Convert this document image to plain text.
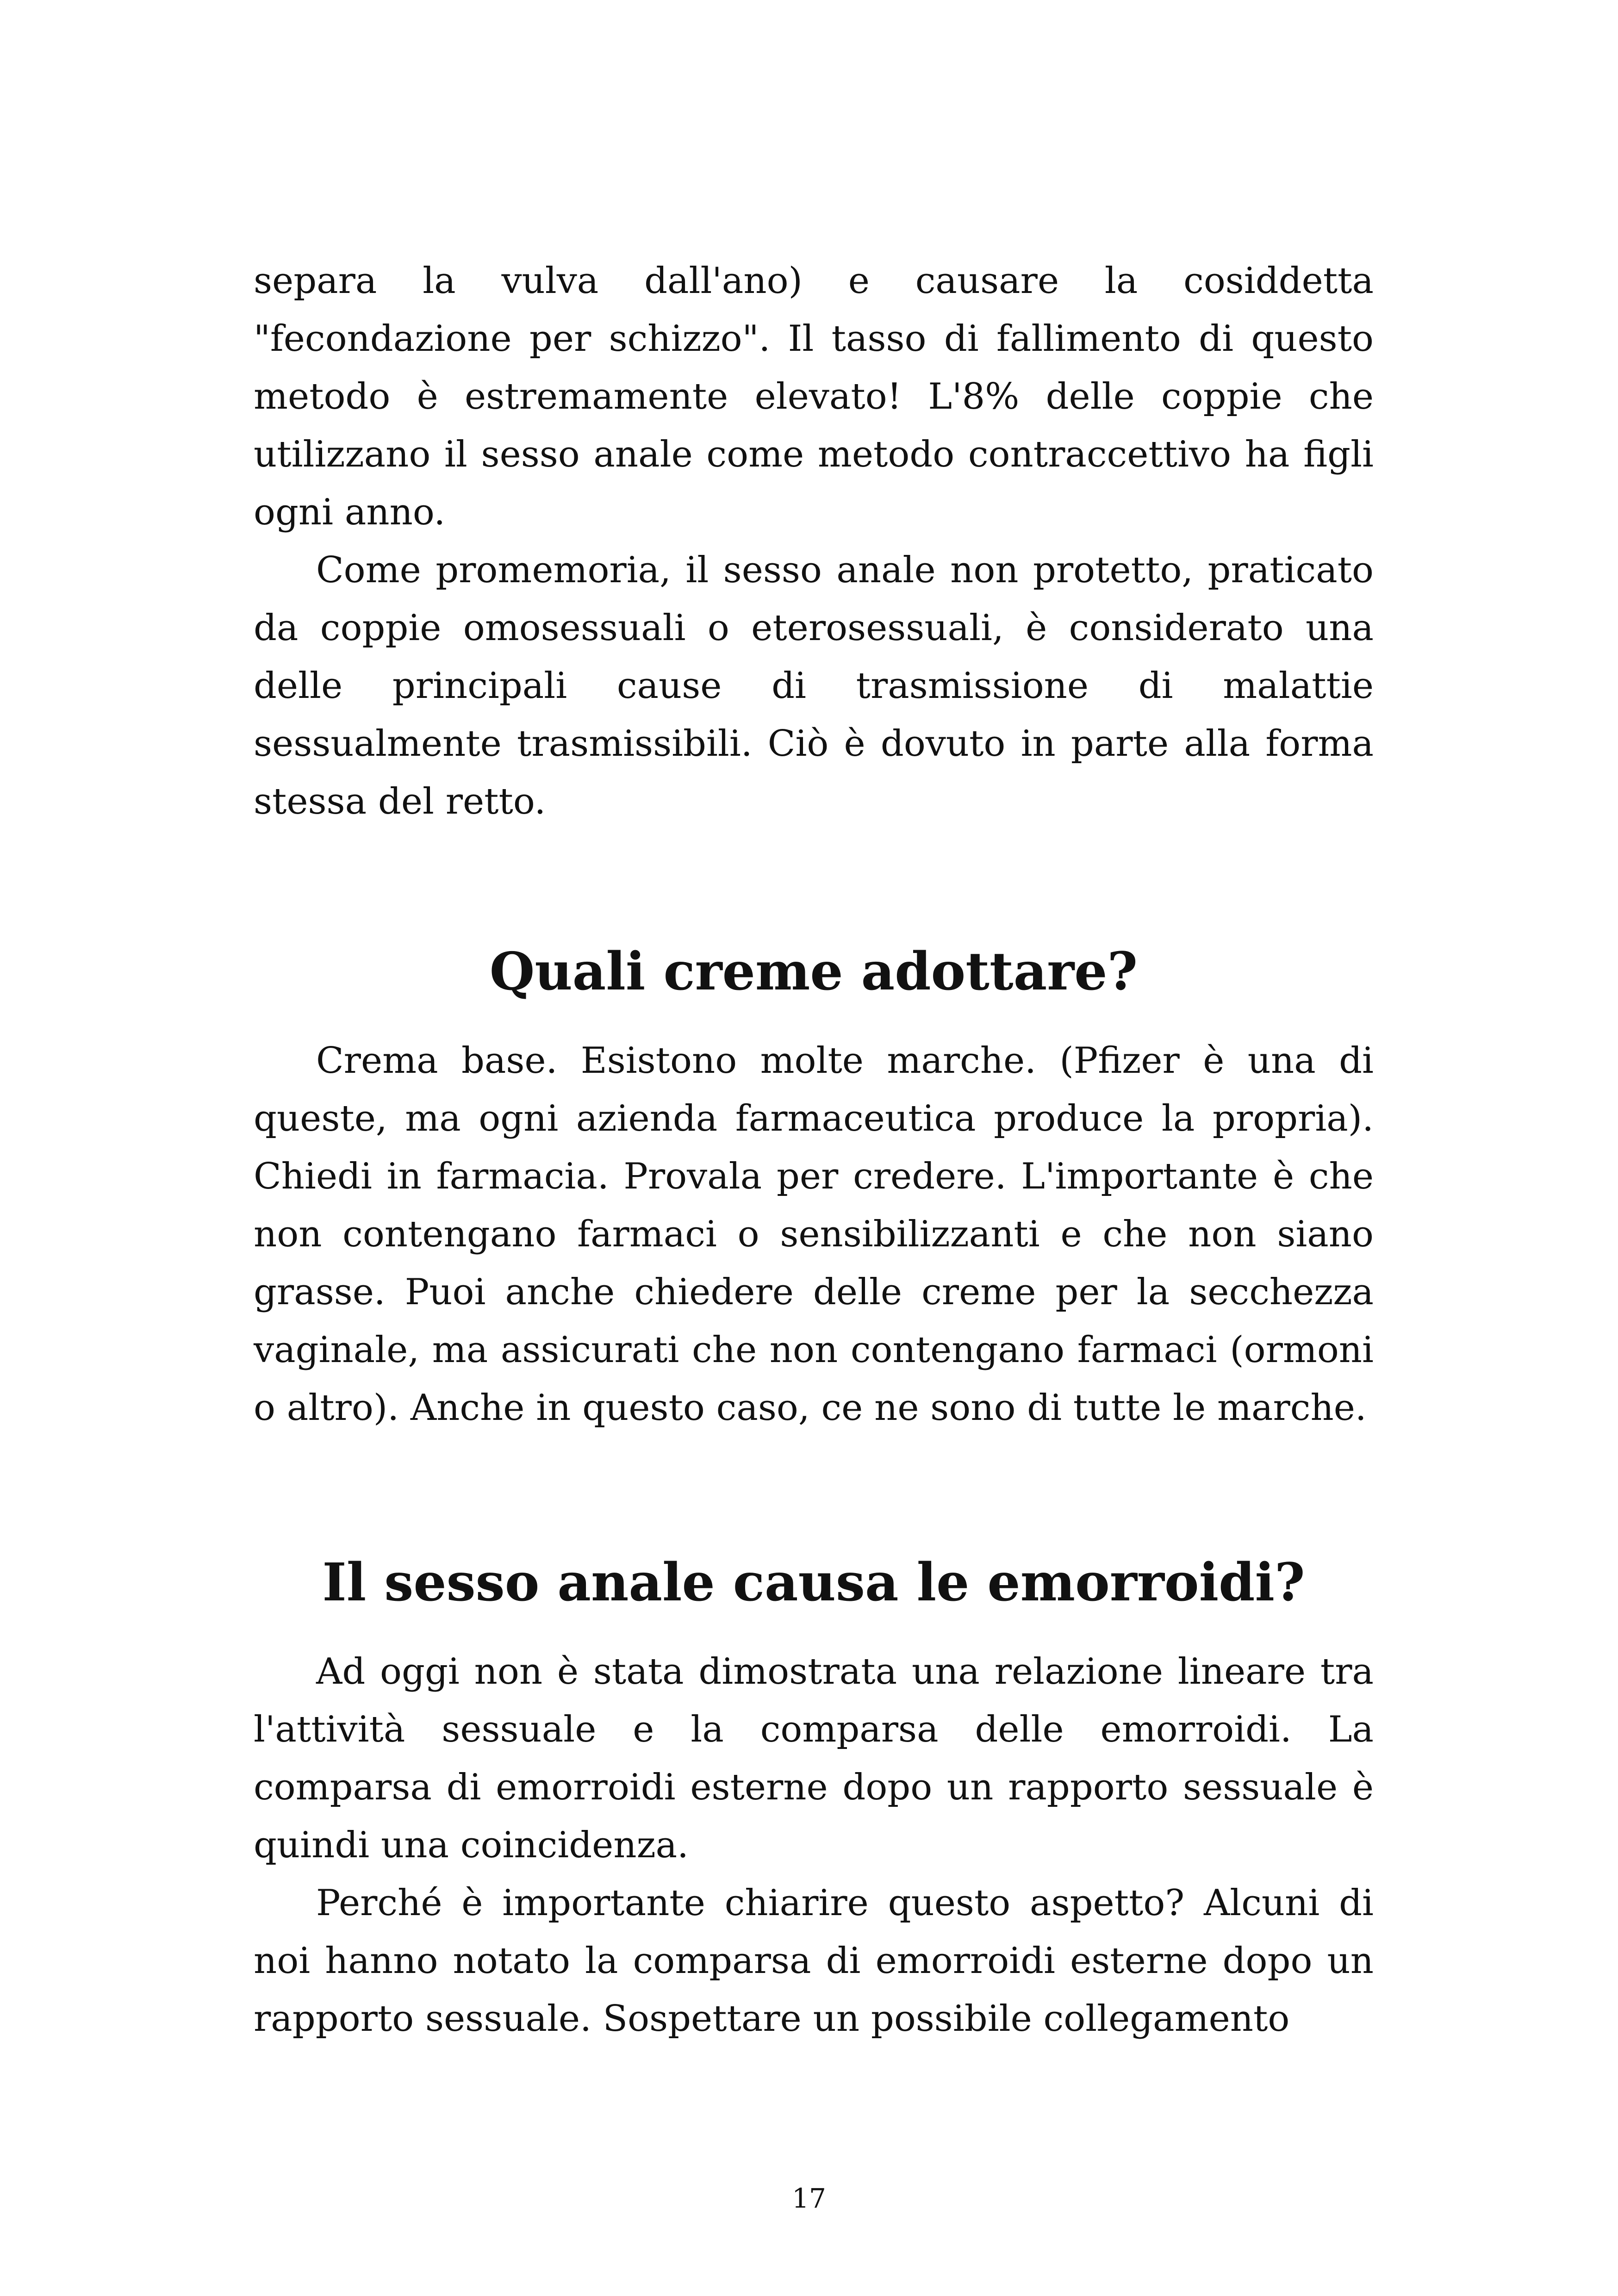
separa la vulva dall'ano) e causare la cosiddetta "fecondazione per schizzo". Il tasso di fallimento di questo metodo è estremamente elevato! L'8% delle coppie che utilizzano il sesso anale come metodo contraccettivo ha figli ogni anno.

Come promemoria, il sesso anale non protetto, praticato da coppie omosessuali o eterosessuali, è considerato una delle principali cause di trasmissione di malattie sessualmente trasmissibili. Ciò è dovuto in parte alla forma stessa del retto.

Quali creme adottare?

Crema base. Esistono molte marche. (Pfizer è una di queste, ma ogni azienda farmaceutica produce la propria). Chiedi in farmacia. Provala per credere. L'importante è che non contengano farmaci o sensibilizzanti e che non siano grasse. Puoi anche chiedere delle creme per la secchezza vaginale, ma assicurati che non contengano farmaci (ormoni o altro). Anche in questo caso, ce ne sono di tutte le marche.

Il sesso anale causa le emorroidi?

Ad oggi non è stata dimostrata una relazione lineare tra l'attività sessuale e la comparsa delle emorroidi. La comparsa di emorroidi esterne dopo un rapporto sessuale è quindi una coincidenza.

Perché è importante chiarire questo aspetto? Alcuni di noi hanno notato la comparsa di emorroidi esterne dopo un rapporto sessuale. Sospettare un possibile collegamento

17
